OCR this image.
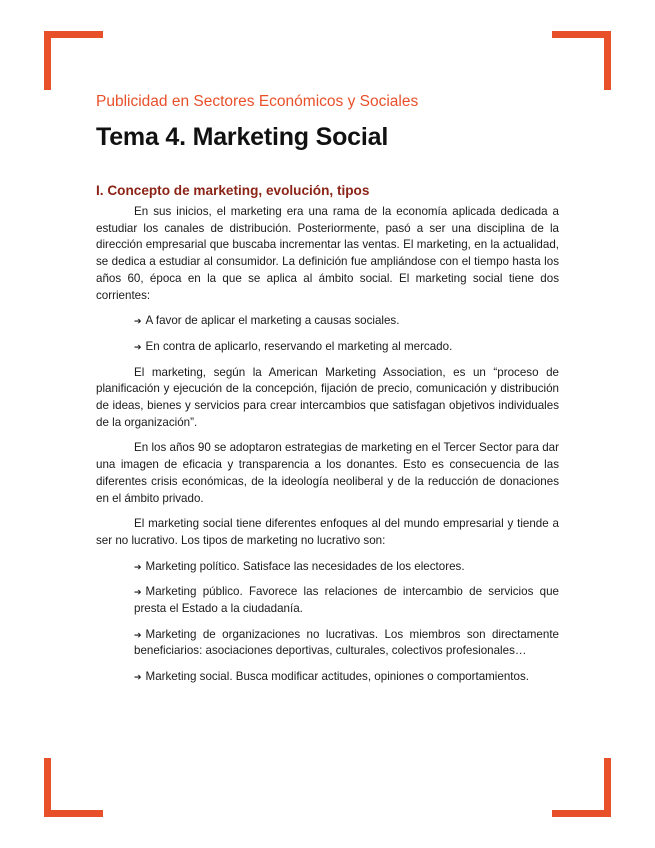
Publicidad en Sectores Económicos y Sociales
Tema 4. Marketing Social
I. Concepto de marketing, evolución, tipos

En sus inicios, el marketing era una rama de la economía aplicada dedicada a estudiar los canales de distribución. Posteriormente, pasó a ser una disciplina de la dirección empresarial que buscaba incrementar las ventas. El marketing, en la actualidad, se dedica a estudiar al consumidor. La definición fue ampliándose con el tiempo hasta los años 60, época en la que se aplica al ámbito social. El marketing social tiene dos corrientes:

➔ A favor de aplicar el marketing a causas sociales.
➔ En contra de aplicarlo, reservando el marketing al mercado.

El marketing, según la American Marketing Association, es un “proceso de planificación y ejecución de la concepción, fijación de precio, comunicación y distribución de ideas, bienes y servicios para crear intercambios que satisfagan objetivos individuales de la organización”.

En los años 90 se adoptaron estrategias de marketing en el Tercer Sector para dar una imagen de eficacia y transparencia a los donantes. Esto es consecuencia de las diferentes crisis económicas, de la ideología neoliberal y de la reducción de donaciones en el ámbito privado.

El marketing social tiene diferentes enfoques al del mundo empresarial y tiende a ser no lucrativo. Los tipos de marketing no lucrativo son:

➔ Marketing político. Satisface las necesidades de los electores.
➔ Marketing público. Favorece las relaciones de intercambio de servicios que presta el Estado a la ciudadanía.
➔ Marketing de organizaciones no lucrativas. Los miembros son directamente beneficiarios: asociaciones deportivas, culturales, colectivos profesionales…
➔ Marketing social. Busca modificar actitudes, opiniones o comportamientos.
